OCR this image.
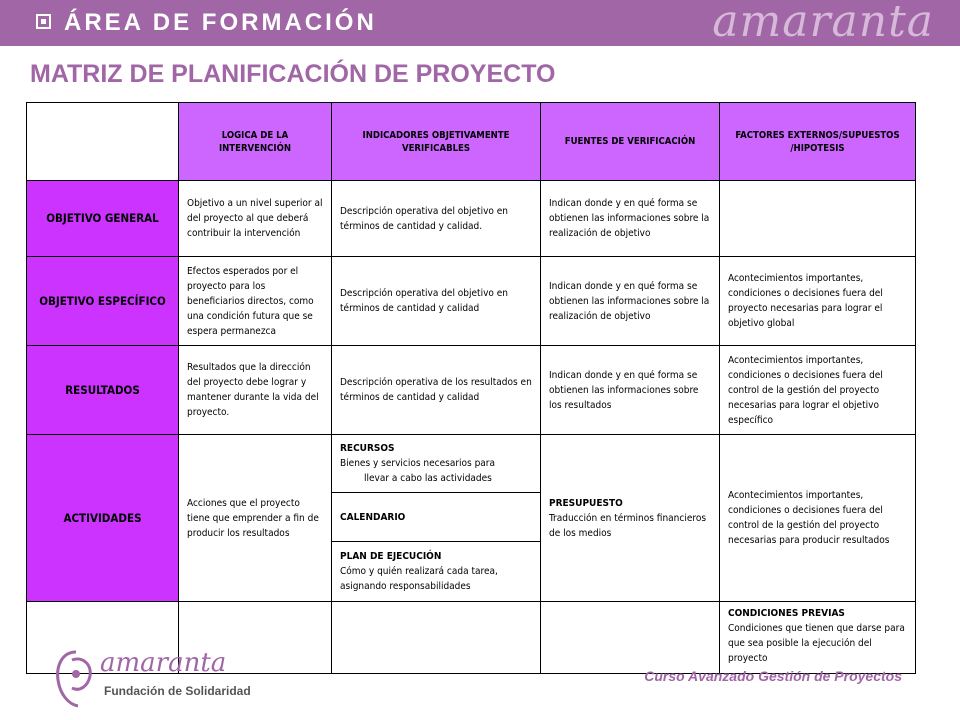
ÁREA DE FORMACIÓN	amaranta
MATRIZ DE PLANIFICACIÓN DE PROYECTO
LOGICA DE LA INTERVENCIÓN
INDICADORES OBJETIVAMENTE VERIFICABLES
FUENTES DE VERIFICACIÓN
FACTORES EXTERNOS/SUPUESTOS /HIPOTESIS
OBJETIVO GENERAL
Objetivo a un nivel superior al del proyecto al que deberá contribuir la intervención
Descripción operativa del objetivo en términos de cantidad y calidad.
Indican donde y en qué forma se obtienen las informaciones sobre la realización de objetivo
OBJETIVO ESPECÍFICO
Efectos esperados por el proyecto para los beneficiarios directos, como una condición futura que se espera permanezca
Descripción operativa del objetivo en términos de cantidad y calidad
Indican donde y en qué forma se obtienen las informaciones sobre la realización de objetivo
Acontecimientos importantes, condiciones o decisiones fuera del proyecto necesarias para lograr el objetivo global
RESULTADOS
Resultados que la dirección del proyecto debe lograr y mantener durante la vida del proyecto.
Descripción operativa de los resultados en términos de cantidad y calidad
Indican donde y en qué forma se obtienen las informaciones sobre los resultados
Acontecimientos importantes, condiciones o decisiones fuera del control de la gestión del proyecto necesarias para lograr el objetivo específico
ACTIVIDADES
Acciones que el proyecto tiene que emprender a fin de producir los resultados
RECURSOS
Bienes y servicios necesarios para
llevar a cabo las actividades
CALENDARIO
PLAN DE EJECUCIÓN
Cómo y quién realizará cada tarea, asignando responsabilidades
PRESUPUESTO
Traducción en términos financieros de los medios
Acontecimientos importantes, condiciones o decisiones fuera del control de la gestión del proyecto necesarias para producir resultados
CONDICIONES PREVIAS
Condiciones que tienen que darse para que sea posible la ejecución del proyecto
amaranta
Fundación de Solidaridad
Curso Avanzado Gestión de Proyectos
